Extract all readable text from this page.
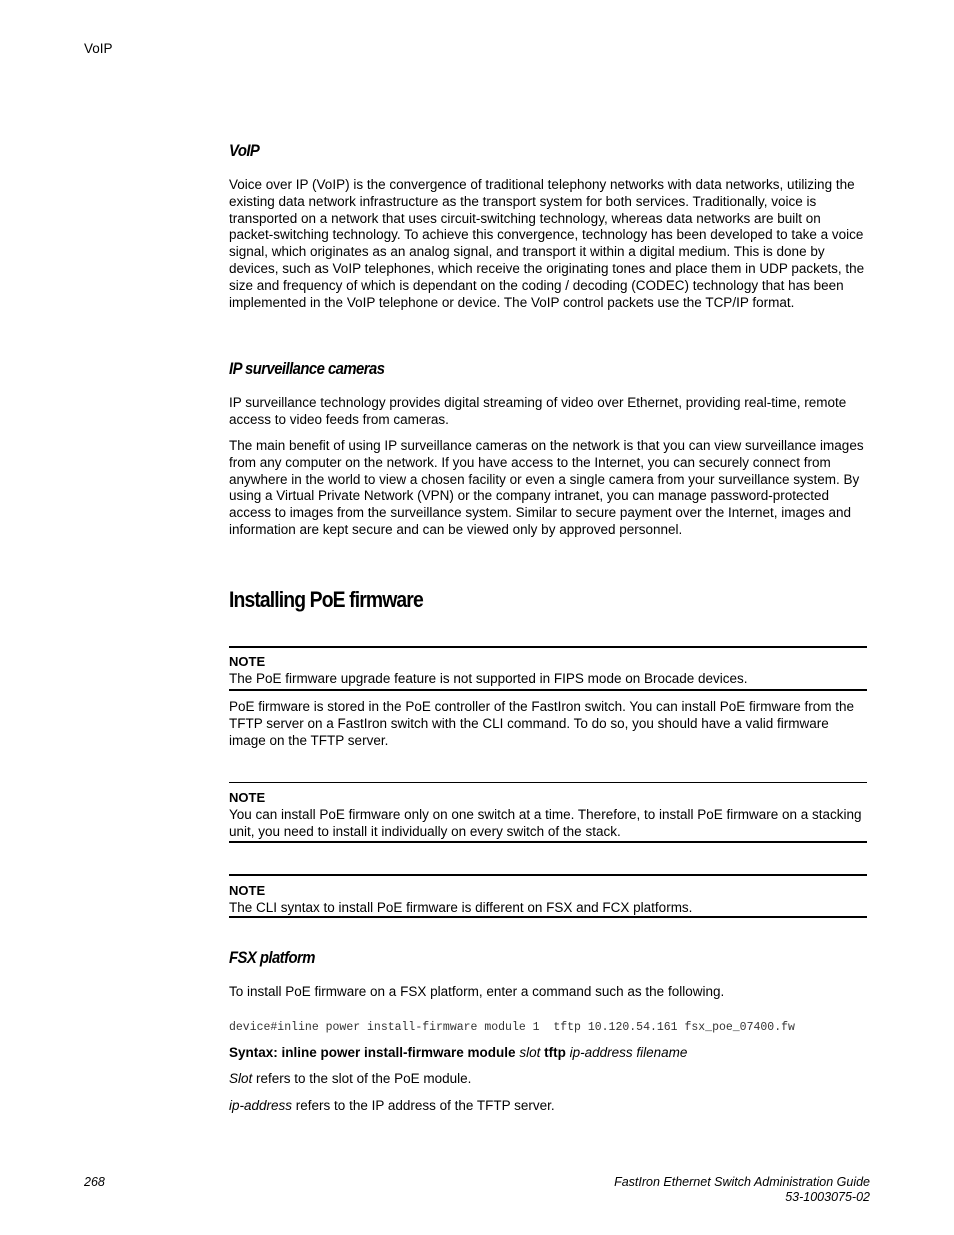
VoIP
VoIP

Voice over IP (VoIP) is the convergence of traditional telephony networks with data networks, utilizing the existing data network infrastructure as the transport system for both services. Traditionally, voice is transported on a network that uses circuit-switching technology, whereas data networks are built on packet-switching technology. To achieve this convergence, technology has been developed to take a voice signal, which originates as an analog signal, and transport it within a digital medium. This is done by devices, such as VoIP telephones, which receive the originating tones and place them in UDP packets, the size and frequency of which is dependant on the coding / decoding (CODEC) technology that has been implemented in the VoIP telephone or device. The VoIP control packets use the TCP/IP format.

IP surveillance cameras

IP surveillance technology provides digital streaming of video over Ethernet, providing real-time, remote access to video feeds from cameras.

The main benefit of using IP surveillance cameras on the network is that you can view surveillance images from any computer on the network. If you have access to the Internet, you can securely connect from anywhere in the world to view a chosen facility or even a single camera from your surveillance system. By using a Virtual Private Network (VPN) or the company intranet, you can manage password-protected access to images from the surveillance system. Similar to secure payment over the Internet, images and information are kept secure and can be viewed only by approved personnel.

Installing PoE firmware
NOTE

The PoE firmware upgrade feature is not supported in FIPS mode on Brocade devices.

PoE firmware is stored in the PoE controller of the FastIron switch. You can install PoE firmware from the TFTP server on a FastIron switch with the CLI command. To do so, you should have a valid firmware image on the TFTP server.

NOTE

You can install PoE firmware only on one switch at a time. Therefore, to install PoE firmware on a stacking unit, you need to install it individually on every switch of the stack.

NOTE

The CLI syntax to install PoE firmware is different on FSX and FCX platforms.

FSX platform

To install PoE firmware on a FSX platform, enter a command such as the following.

device#inline power install-firmware module 1  tftp 10.120.54.161 fsx_poe_07400.fw

Syntax: inline power install-firmware module slot tftp ip-address filename

Slot refers to the slot of the PoE module.

ip-address refers to the IP address of the TFTP server.

268	FastIron Ethernet Switch Administration Guide
53-1003075-02
